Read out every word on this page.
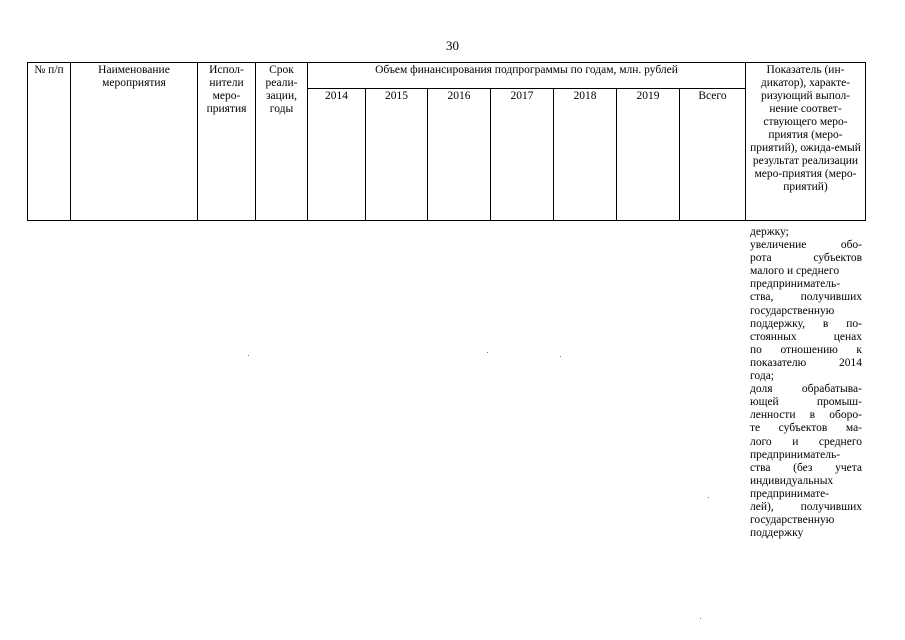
30
№ п/п	Наименование мероприятия	Испол-нители меро-приятия	Срок реали-зации, годы	Объем финансирования подпрограммы по годам, млн. рублей							Показатель (ин-дикатор), характе-ризующий выпол-нение соответ-ствующего меро-приятия (меро-приятий), ожида-емый результат реализации меро-приятия (меро-приятий)
				2014	2015	2016	2017	2018	2019	Всего	
держку;
увеличение обо-
рота субъектов
малого и среднего
предприниматель-
ства, получивших
государственную
поддержку, в по-
стоянных ценах
по отношению к
показателю 2014
года;
доля обрабатыва-
ющей промыш-
ленности в оборо-
те субъектов ма-
лого и среднего
предприниматель-
ства (без учета
индивидуальных
предпринимате-
лей), получивших
государственную
поддержку
